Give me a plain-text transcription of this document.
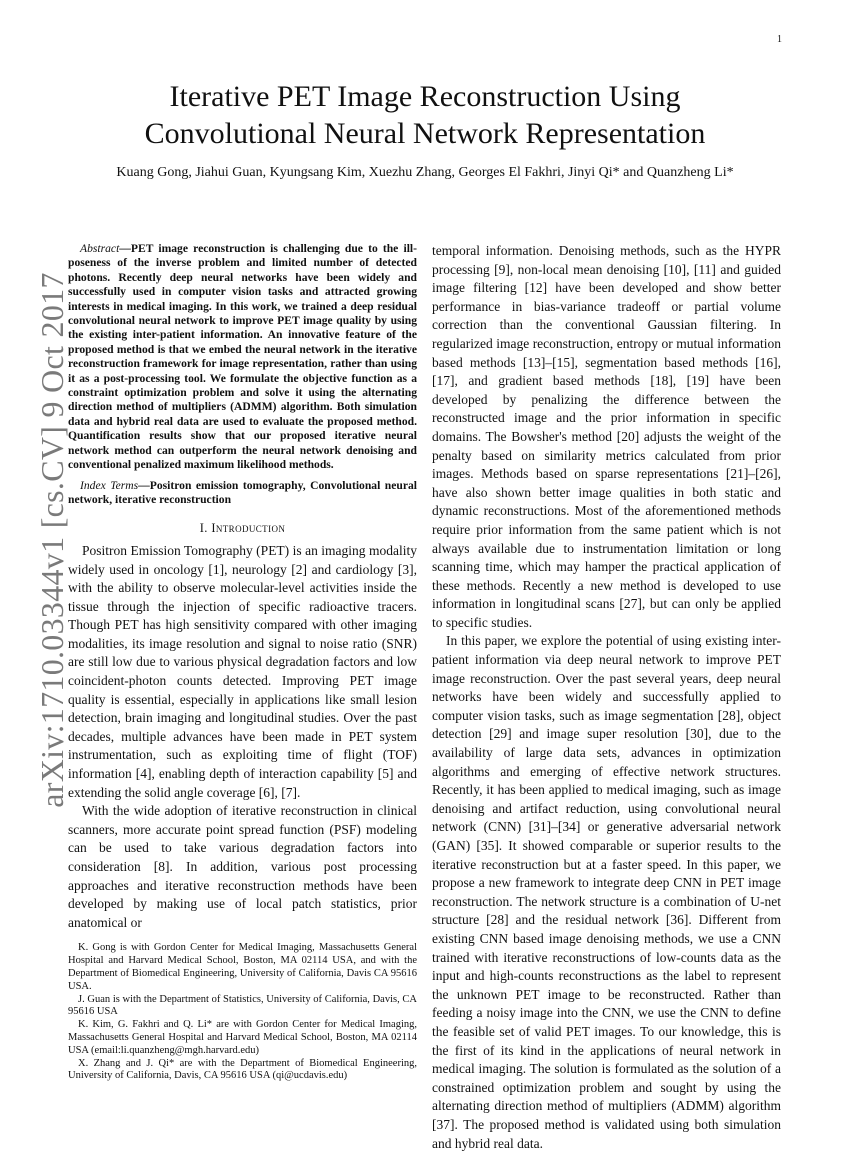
1
arXiv:1710.03344v1 [cs.CV] 9 Oct 2017
Iterative PET Image Reconstruction Using
Convolutional Neural Network Representation
Kuang Gong, Jiahui Guan, Kyungsang Kim, Xuezhu Zhang, Georges El Fakhri, Jinyi Qi* and Quanzheng Li*

Abstract—PET image reconstruction is challenging due to the ill-poseness of the inverse problem and limited number of detected photons. Recently deep neural networks have been widely and successfully used in computer vision tasks and attracted growing interests in medical imaging. In this work, we trained a deep residual convolutional neural network to improve PET image quality by using the existing inter-patient information. An innovative feature of the proposed method is that we embed the neural network in the iterative reconstruction framework for image representation, rather than using it as a post-processing tool. We formulate the objective function as a constraint optimization problem and solve it using the alternating direction method of multipliers (ADMM) algorithm. Both simulation data and hybrid real data are used to evaluate the proposed method. Quantification results show that our proposed iterative neural network method can outperform the neural network denoising and conventional penalized maximum likelihood methods.

Index Terms—Positron emission tomography, Convolutional neural network, iterative reconstruction

I. Introduction

Positron Emission Tomography (PET) is an imaging modality widely used in oncology [1], neurology [2] and cardiology [3], with the ability to observe molecular-level activities inside the tissue through the injection of specific radioactive tracers. Though PET has high sensitivity compared with other imaging modalities, its image resolution and signal to noise ratio (SNR) are still low due to various physical degradation factors and low coincident-photon counts detected. Improving PET image quality is essential, especially in applications like small lesion detection, brain imaging and longitudinal studies. Over the past decades, multiple advances have been made in PET system instrumentation, such as exploiting time of flight (TOF) information [4], enabling depth of interaction capability [5] and extending the solid angle coverage [6], [7].

With the wide adoption of iterative reconstruction in clinical scanners, more accurate point spread function (PSF) modeling can be used to take various degradation factors into consideration [8]. In addition, various post processing approaches and iterative reconstruction methods have been developed by making use of local patch statistics, prior anatomical or

K. Gong is with Gordon Center for Medical Imaging, Massachusetts General Hospital and Harvard Medical School, Boston, MA 02114 USA, and with the Department of Biomedical Engineering, University of California, Davis CA 95616 USA.

J. Guan is with the Department of Statistics, University of California, Davis, CA 95616 USA

K. Kim, G. Fakhri and Q. Li* are with Gordon Center for Medical Imaging, Massachusetts General Hospital and Harvard Medical School, Boston, MA 02114 USA (email:li.quanzheng@mgh.harvard.edu)

X. Zhang and J. Qi* are with the Department of Biomedical Engineering, University of California, Davis, CA 95616 USA (qi@ucdavis.edu)

temporal information. Denoising methods, such as the HYPR processing [9], non-local mean denoising [10], [11] and guided image filtering [12] have been developed and show better performance in bias-variance tradeoff or partial volume correction than the conventional Gaussian filtering. In regularized image reconstruction, entropy or mutual information based methods [13]–[15], segmentation based methods [16], [17], and gradient based methods [18], [19] have been developed by penalizing the difference between the reconstructed image and the prior information in specific domains. The Bowsher's method [20] adjusts the weight of the penalty based on similarity metrics calculated from prior images. Methods based on sparse representations [21]–[26], have also shown better image qualities in both static and dynamic reconstructions. Most of the aforementioned methods require prior information from the same patient which is not always available due to instrumentation limitation or long scanning time, which may hamper the practical application of these methods. Recently a new method is developed to use information in longitudinal scans [27], but can only be applied to specific studies.

In this paper, we explore the potential of using existing inter-patient information via deep neural network to improve PET image reconstruction. Over the past several years, deep neural networks have been widely and successfully applied to computer vision tasks, such as image segmentation [28], object detection [29] and image super resolution [30], due to the availability of large data sets, advances in optimization algorithms and emerging of effective network structures. Recently, it has been applied to medical imaging, such as image denoising and artifact reduction, using convolutional neural network (CNN) [31]–[34] or generative adversarial network (GAN) [35]. It showed comparable or superior results to the iterative reconstruction but at a faster speed. In this paper, we propose a new framework to integrate deep CNN in PET image reconstruction. The network structure is a combination of U-net structure [28] and the residual network [36]. Different from existing CNN based image denoising methods, we use a CNN trained with iterative reconstructions of low-counts data as the input and high-counts reconstructions as the label to represent the unknown PET image to be reconstructed. Rather than feeding a noisy image into the CNN, we use the CNN to define the feasible set of valid PET images. To our knowledge, this is the first of its kind in the applications of neural network in medical imaging. The solution is formulated as the solution of a constrained optimization problem and sought by using the alternating direction method of multipliers (ADMM) algorithm [37]. The proposed method is validated using both simulation and hybrid real data.
